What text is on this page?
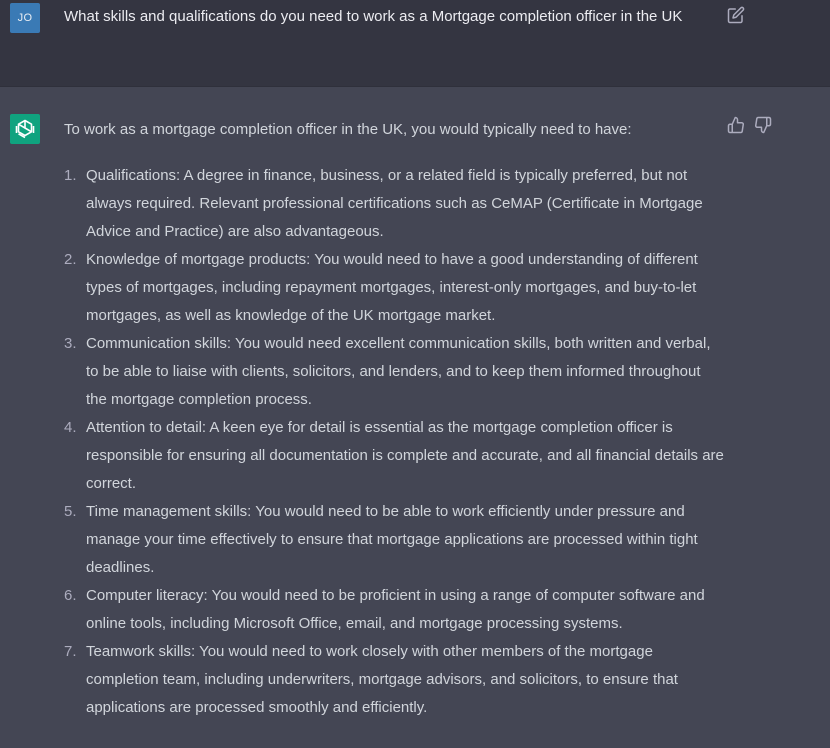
JO	What skills and qualifications do you need to work as a Mortgage completion officer in the UK

To work as a mortgage completion officer in the UK, you would typically need to have:

1. Qualifications: A degree in finance, business, or a related field is typically preferred, but not always required. Relevant professional certifications such as CeMAP (Certificate in Mortgage Advice and Practice) are also advantageous.
2. Knowledge of mortgage products: You would need to have a good understanding of different types of mortgages, including repayment mortgages, interest-only mortgages, and buy-to-let mortgages, as well as knowledge of the UK mortgage market.
3. Communication skills: You would need excellent communication skills, both written and verbal, to be able to liaise with clients, solicitors, and lenders, and to keep them informed throughout the mortgage completion process.
4. Attention to detail: A keen eye for detail is essential as the mortgage completion officer is responsible for ensuring all documentation is complete and accurate, and all financial details are correct.
5. Time management skills: You would need to be able to work efficiently under pressure and manage your time effectively to ensure that mortgage applications are processed within tight deadlines.
6. Computer literacy: You would need to be proficient in using a range of computer software and online tools, including Microsoft Office, email, and mortgage processing systems.
7. Teamwork skills: You would need to work closely with other members of the mortgage completion team, including underwriters, mortgage advisors, and solicitors, to ensure that applications are processed smoothly and efficiently.
